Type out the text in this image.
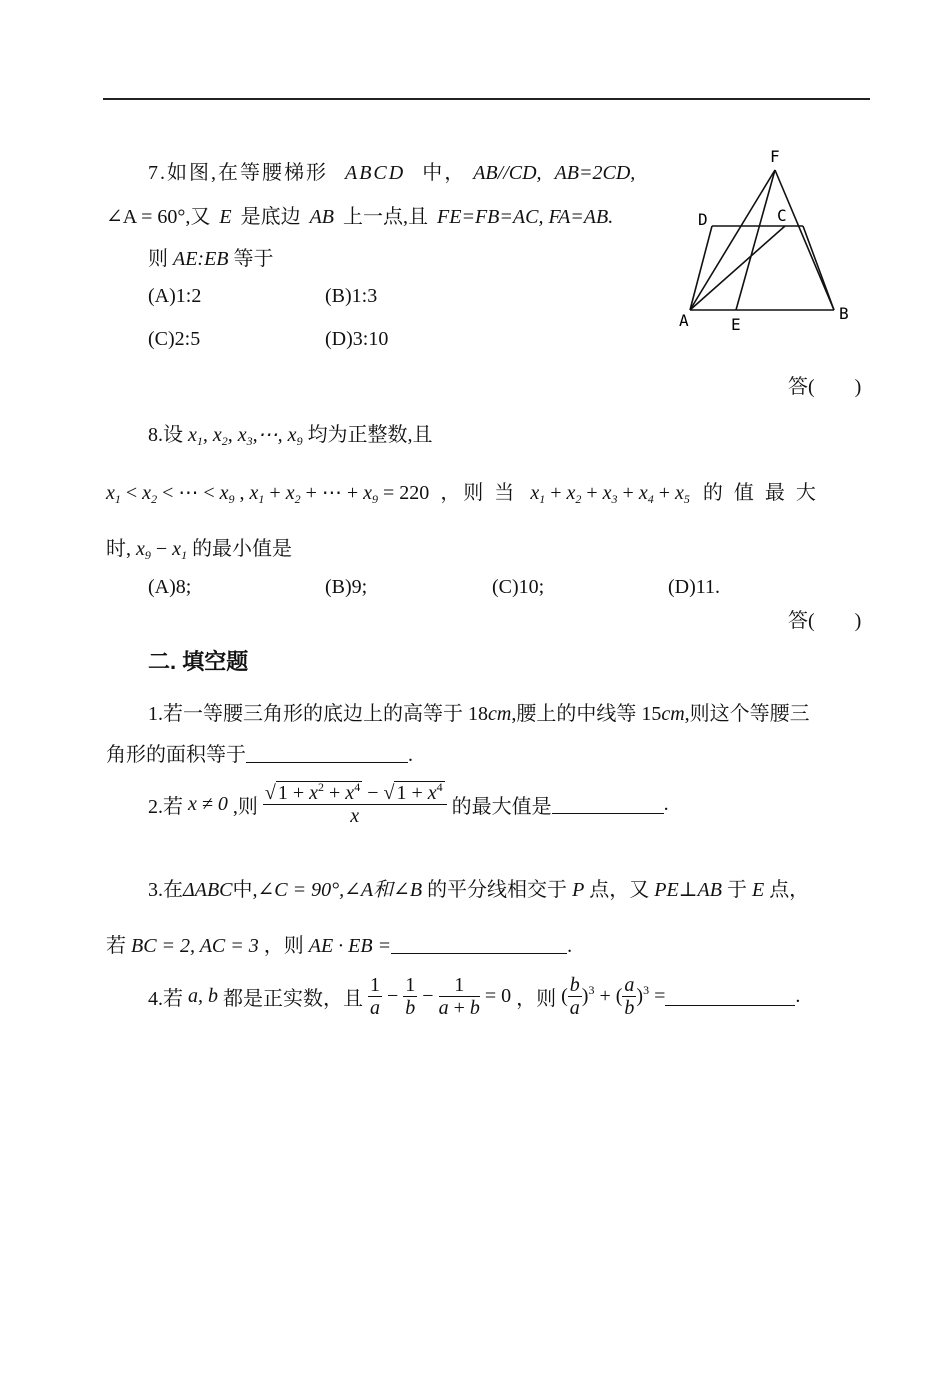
7.如图,在等腰梯形 ABCD 中， AB//CD, AB=2CD,
∠A = 60°,又 E 是底边 AB 上一点,且 FE=FB=AC, FA=AB.
则 AE:EB 等于
(A)1:2	(B)1:3
(C)2:5	(D)3:10
答(　　)
F
D	C
A	E
B
8.设 $x_1$, $x_2$, $x_3,\cdots$, $x_9$ 均为正整数,且
$x_1 < x_2$ < ⋯ < $x_9$ , $x_1 + x_2$ + ⋯ + $x_9 = 220$ ，则 当 $x_1 + x_2 + x_3 + x_4 + x_5$ 的 值 最 大
时, $x_9 - x_1$ 的最小值是
(A)8;	(B)9;	(C)10;	(D)11.
答(　　)
二. 填空题
1.若一等腰三角形的底边上的高等于 18cm,腰上的中线等 15cm,则这个等腰三
角形的面积等于	.
2.若 x ≠ 0 ,则 $\frac{√ 1 + x^2 + x^4 - √ 1 + x^4}{x}$ 的最大值是	.
3.在ΔABC中,∠C = 90°,∠A和∠B 的平分线相交于 P 点，又 PE⊥AB 于 E 点，
若 BC = 2, AC = 3 ，则 AE · EB =	.
4.若 a, b 都是正实数，且 $\frac{1}{a} - \frac{1}{b} - \frac{1}{a + b} = 0$ ，则 ( $\frac{b}{a} )^3$ + ( $\frac{a}{b} )^3$ =	.
